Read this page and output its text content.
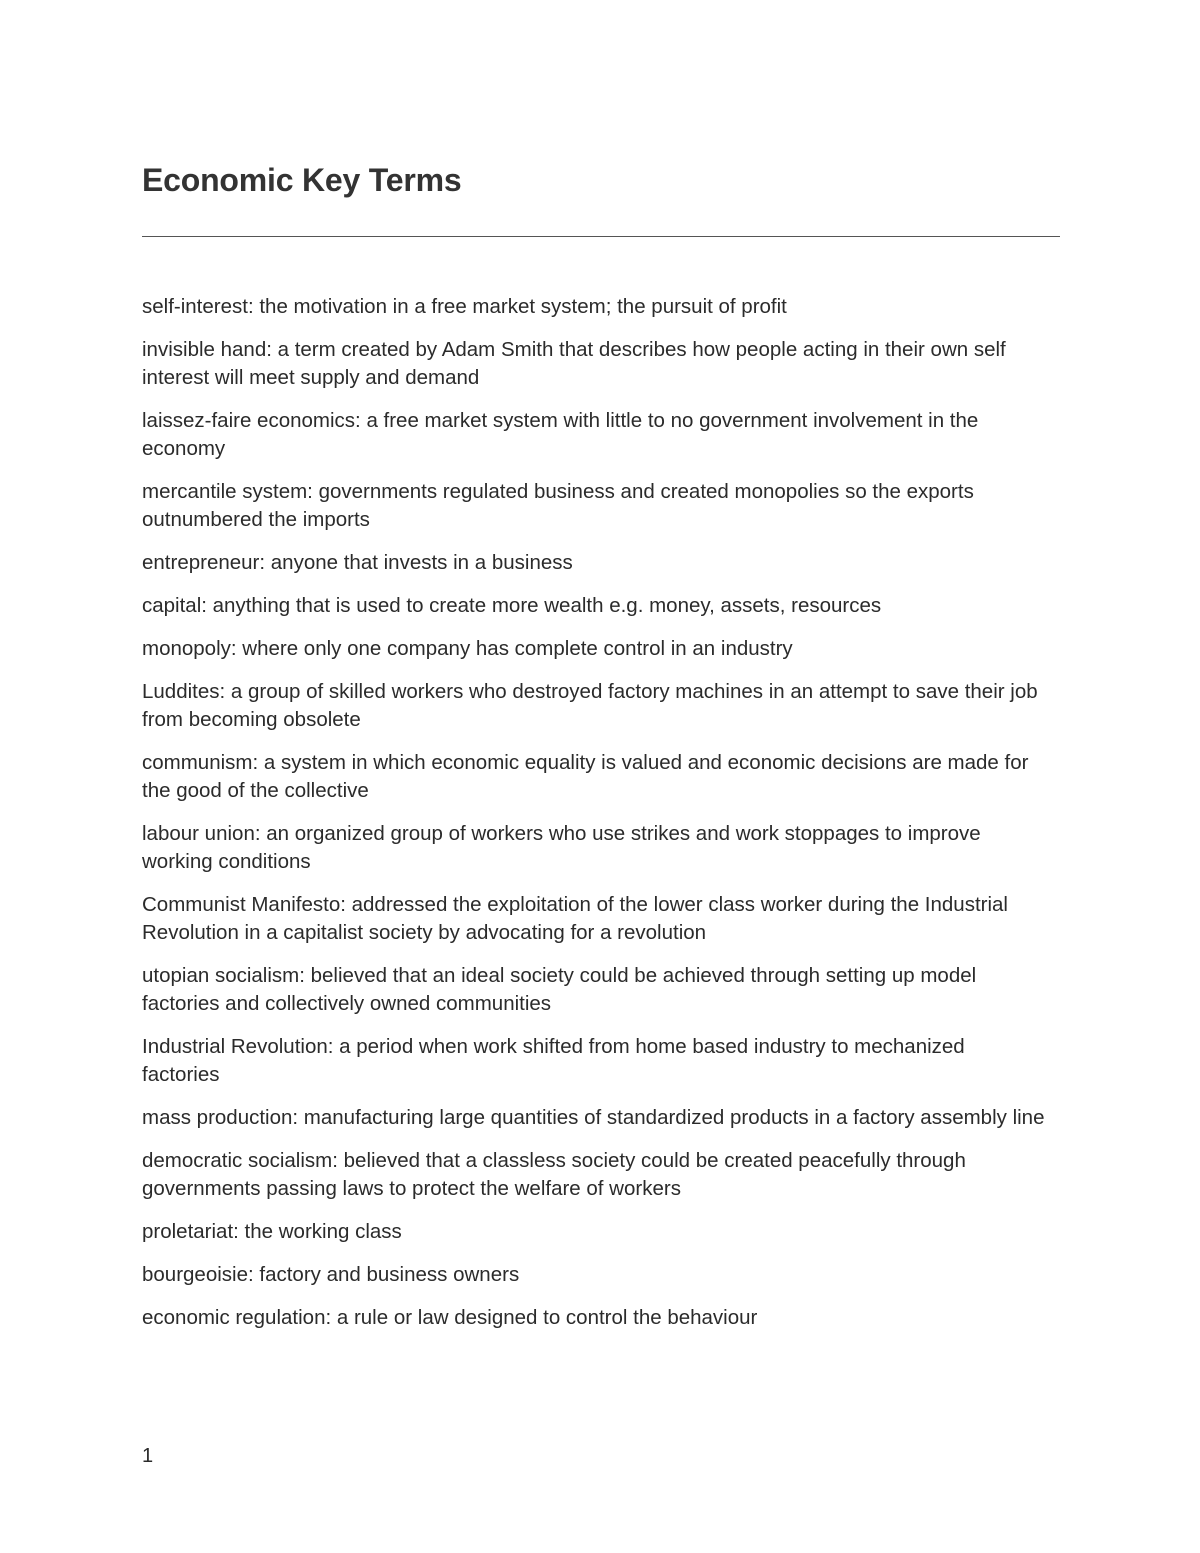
Economic Key Terms
self-interest: the motivation in a free market system; the pursuit of profit
invisible hand: a term created by Adam Smith that describes how people acting in their own self interest will meet supply and demand
laissez-faire economics: a free market system with little to no government involvement in the economy
mercantile system: governments regulated business and created monopolies so the exports outnumbered the imports
entrepreneur: anyone that invests in a business
capital: anything that is used to create more wealth e.g. money, assets, resources
monopoly: where only one company has complete control in an industry
Luddites: a group of skilled workers who destroyed factory machines in an attempt to save their job from becoming obsolete
communism: a system in which economic equality is valued and economic decisions are made for the good of the collective
labour union: an organized group of workers who use strikes and work stoppages to improve working conditions
Communist Manifesto: addressed the exploitation of the lower class worker during the Industrial Revolution in a capitalist society by advocating for a revolution
utopian socialism: believed that an ideal society could be achieved through setting up model factories and collectively owned communities
Industrial Revolution: a period when work shifted from home based industry to mechanized factories
mass production: manufacturing large quantities of standardized products in a factory assembly line
democratic socialism: believed that a classless society could be created peacefully through governments passing laws to protect the welfare of workers
proletariat: the working class
bourgeoisie: factory and business owners
economic regulation: a rule or law designed to control the behaviour
1
